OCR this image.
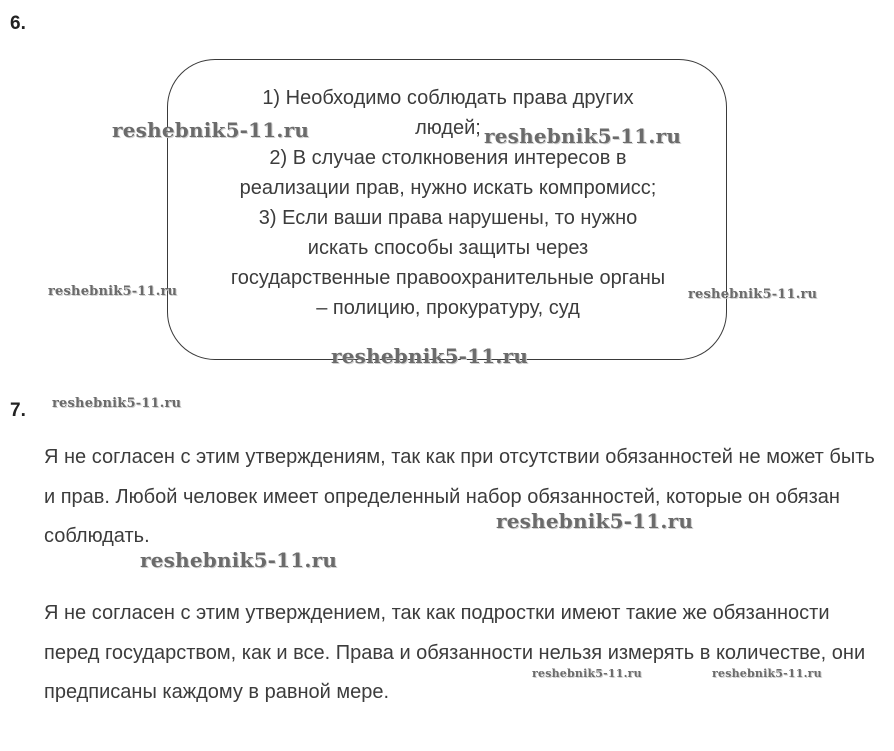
6.
1) Необходимо соблюдать права других
людей;
2) В случае столкновения интересов в
реализации прав, нужно искать компромисс;
3) Если ваши права нарушены, то нужно
искать способы защиты через
государственные правоохранительные органы
– полицию, прокуратуру, суд
7.
Я не согласен с этим утверждениям, так как при отсутствии обязанностей не может быть и прав. Любой человек имеет определенный набор обязанностей, которые он обязан соблюдать.
Я не согласен с этим утверждением, так как подростки имеют такие же обязанности перед государством, как и все. Права и обязанности нельзя измерять в количестве, они предписаны каждому в равной мере.
reshebnik5-11.ru	reshebnik5-11.ru
reshebnik5-11.ru	reshebnik5-11.ru
reshebnik5-11.ru
reshebnik5-11.ru
reshebnik5-11.ru
reshebnik5-11.ru
reshebnik5-11.ru	reshebnik5-11.ru
